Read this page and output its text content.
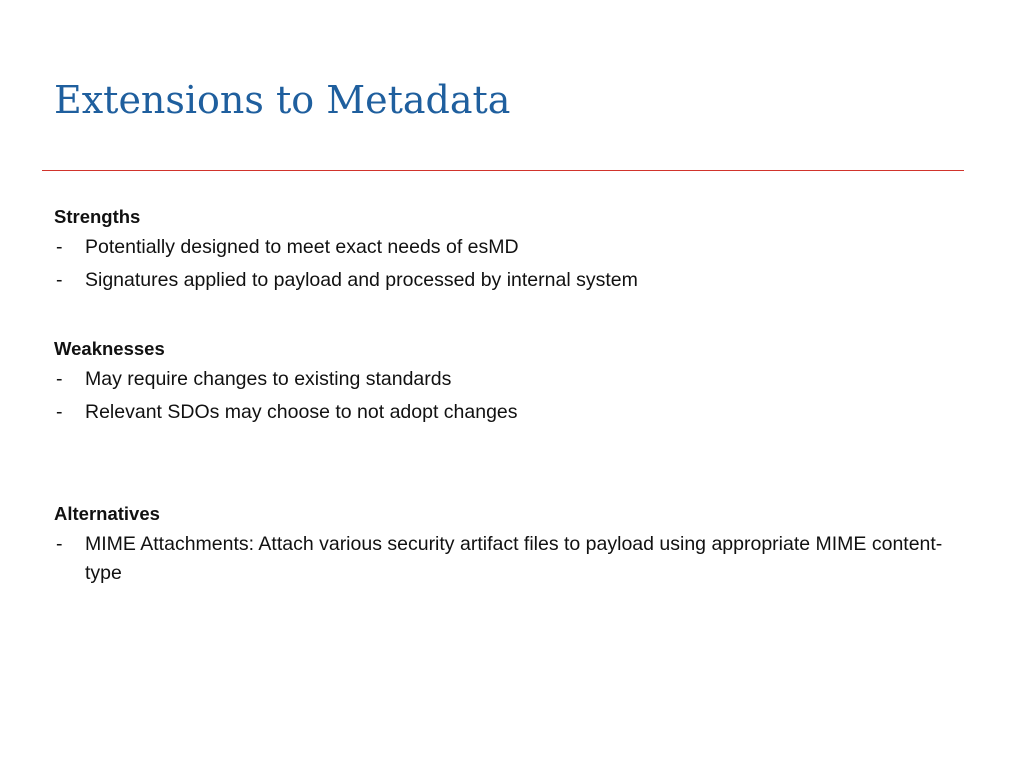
Extensions to Metadata

Strengths

- Potentially designed to meet exact needs of esMD
- Signatures applied to payload and processed by internal system

Weaknesses

- May require changes to existing standards
- Relevant SDOs may choose to not adopt changes

Alternatives

- MIME Attachments: Attach various security artifact files to payload using appropriate MIME content-type
